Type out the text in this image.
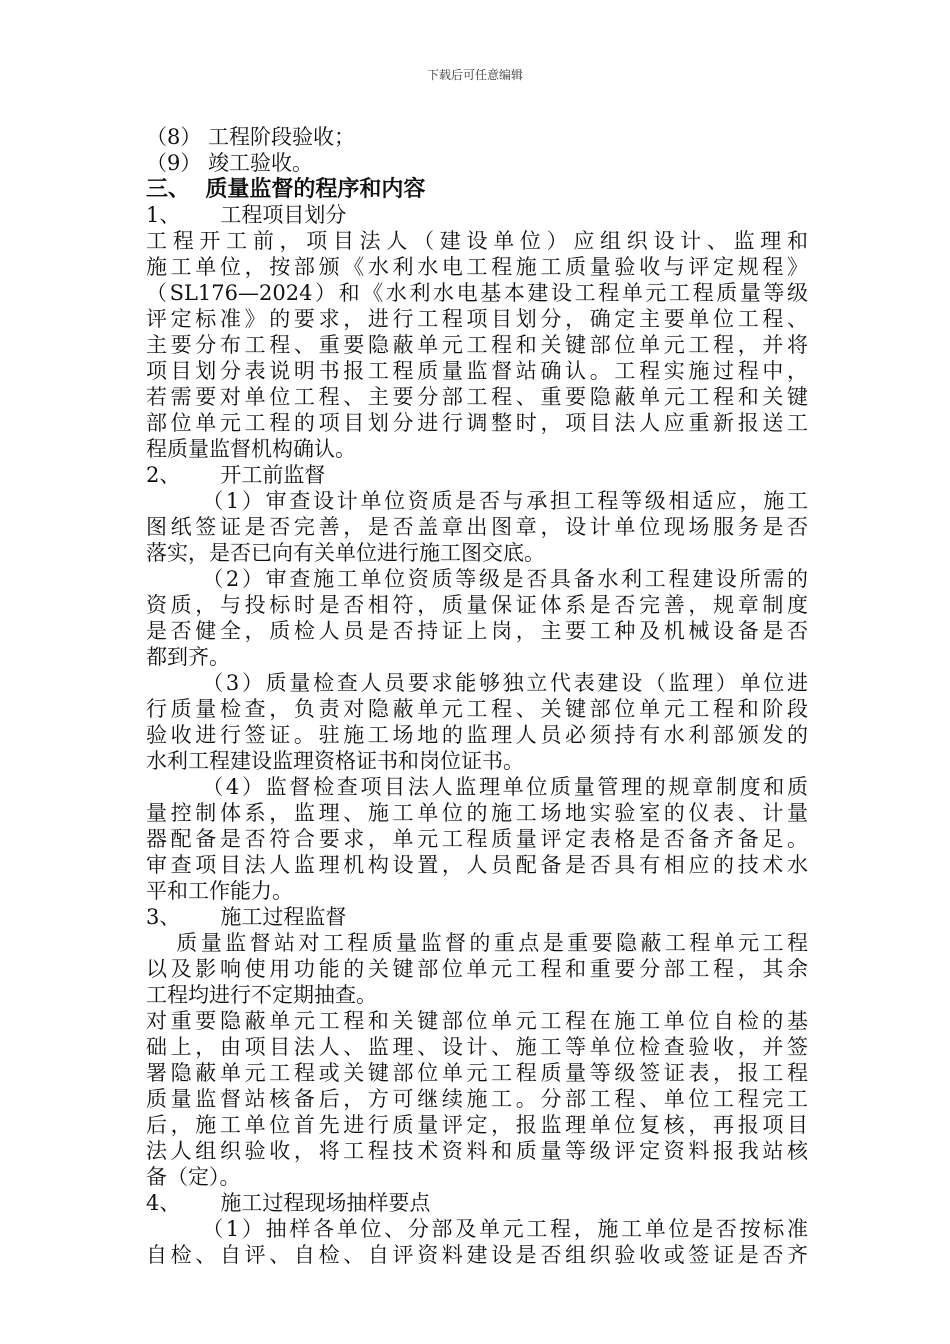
下载后可任意编辑
（8） 工程阶段验收；
（9） 竣工验收。
三、  质量监督的程序和内容
1、      工程项目划分
工程开工前，项目法人（建设单位）应组织设计、监理和
施工单位，按部颁《水利水电工程施工质量验收与评定规程》
（SL176—2024）和《水利水电基本建设工程单元工程质量等级
评定标准》的要求，进行工程项目划分，确定主要单位工程、
主要分布工程、重要隐蔽单元工程和关键部位单元工程，并将
项目划分表说明书报工程质量监督站确认。工程实施过程中，
若需要对单位工程、主要分部工程、重要隐蔽单元工程和关键
部位单元工程的项目划分进行调整时，项目法人应重新报送工
程质量监督机构确认。
2、      开工前监督
（1）审查设计单位资质是否与承担工程等级相适应，施工
图纸签证是否完善，是否盖章出图章，设计单位现场服务是否
落实，是否已向有关单位进行施工图交底。
（2）审查施工单位资质等级是否具备水利工程建设所需的
资质，与投标时是否相符，质量保证体系是否完善，规章制度
是否健全，质检人员是否持证上岗，主要工种及机械设备是否
都到齐。
（3）质量检查人员要求能够独立代表建设（监理）单位进
行质量检查，负责对隐蔽单元工程、关键部位单元工程和阶段
验收进行签证。驻施工场地的监理人员必须持有水利部颁发的
水利工程建设监理资格证书和岗位证书。
（4）监督检查项目法人监理单位质量管理的规章制度和质
量控制体系，监理、施工单位的施工场地实验室的仪表、计量
器配备是否符合要求，单元工程质量评定表格是否备齐备足。
审查项目法人监理机构设置，人员配备是否具有相应的技术水
平和工作能力。
3、      施工过程监督
质量监督站对工程质量监督的重点是重要隐蔽工程单元工程
以及影响使用功能的关键部位单元工程和重要分部工程，其余
工程均进行不定期抽查。
对重要隐蔽单元工程和关键部位单元工程在施工单位自检的基
础上，由项目法人、监理、设计、施工等单位检查验收，并签
署隐蔽单元工程或关键部位单元工程质量等级签证表，报工程
质量监督站核备后，方可继续施工。分部工程、单位工程完工
后，施工单位首先进行质量评定，报监理单位复核，再报项目
法人组织验收，将工程技术资料和质量等级评定资料报我站核
备（定）。
4、      施工过程现场抽样要点
（1）抽样各单位、分部及单元工程，施工单位是否按标准
自检、自评、自检、自评资料建设是否组织验收或签证是否齐
